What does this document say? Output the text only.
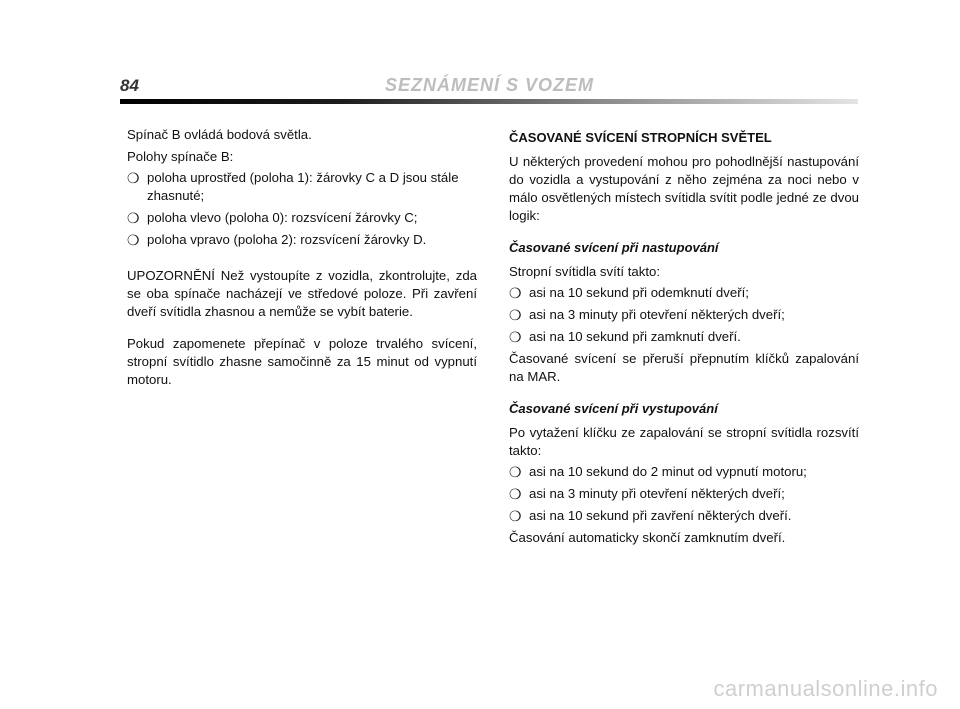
84	SEZNÁMENÍ S VOZEM

Spínač B ovládá bodová světla.

Polohy spínače B:

❍ poloha uprostřed (poloha 1): žárovky C a D jsou stále zhasnuté;
❍ poloha vlevo (poloha 0): rozsvícení žárovky C;
❍ poloha vpravo (poloha 2): rozsvícení žárovky D.

UPOZORNĚNÍ Než vystoupíte z vozidla, zkontrolujte, zda se oba spínače nacházejí ve středové poloze. Při zavření dveří svítidla zhasnou a nemůže se vybít baterie.

Pokud zapomenete přepínač v poloze trvalého svícení, stropní svítidlo zhasne samočinně za 15 minut od vypnutí motoru.

ČASOVANÉ SVÍCENÍ STROPNÍCH SVĚTEL

U některých provedení mohou pro pohodlnější nastupování do vozidla a vystupování z něho zejména za noci nebo v málo osvětlených místech svítidla svítit podle jedné ze dvou logik:

Časované svícení při nastupování

Stropní svítidla svítí takto:

❍ asi na 10 sekund při odemknutí dveří;
❍ asi na 3 minuty při otevření některých dveří;
❍ asi na 10 sekund při zamknutí dveří.

Časované svícení se přeruší přepnutím klíčků zapalování na MAR.

Časované svícení při vystupování

Po vytažení klíčku ze zapalování se stropní svítidla rozsvítí takto:

❍ asi na 10 sekund do 2 minut od vypnutí motoru;
❍ asi na 3 minuty při otevření některých dveří;
❍ asi na 10 sekund při zavření některých dveří.

Časování automaticky skončí zamknutím dveří.

carmanualsonline.info
